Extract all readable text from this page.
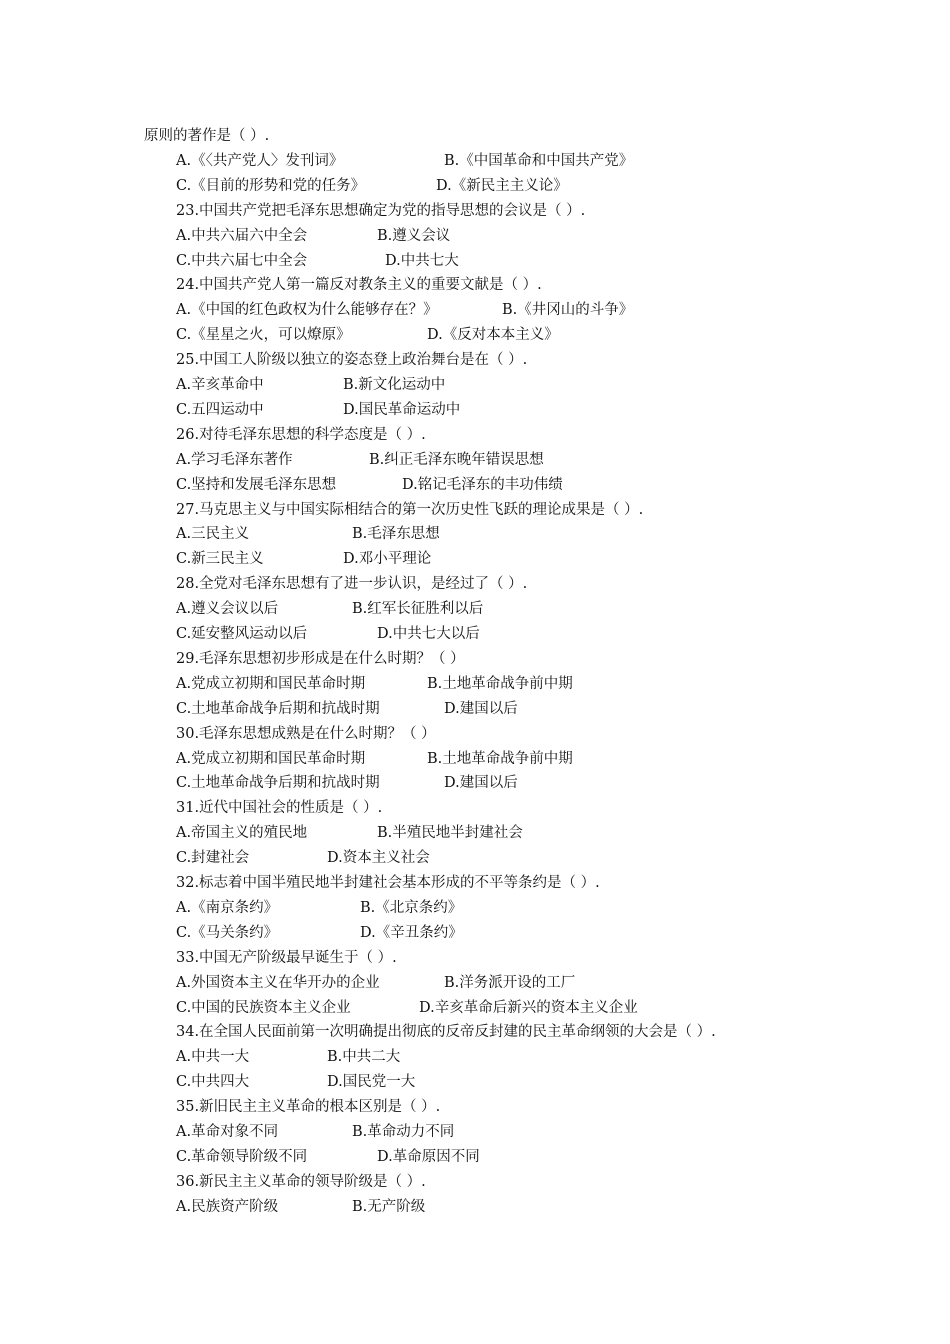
原则的著作是（ ）.
A.《〈共产党人〉发刊词》	B.《中国革命和中国共产党》
C.《目前的形势和党的任务》	D.《新民主主义论》
23.中国共产党把毛泽东思想确定为党的指导思想的会议是（ ）.
A.中共六届六中全会	B.遵义会议
C.中共六届七中全会	D.中共七大
24.中国共产党人第一篇反对教条主义的重要文献是（ ）.
A.《中国的红色政权为什么能够存在？》	B.《井冈山的斗争》
C.《星星之火，可以燎原》	D.《反对本本主义》
25.中国工人阶级以独立的姿态登上政治舞台是在（ ）.
A.辛亥革命中	B.新文化运动中
C.五四运动中	D.国民革命运动中
26.对待毛泽东思想的科学态度是（ ）.
A.学习毛泽东著作	B.纠正毛泽东晚年错误思想
C.坚持和发展毛泽东思想	D.铭记毛泽东的丰功伟绩
27.马克思主义与中国实际相结合的第一次历史性飞跃的理论成果是（ ）.
A.三民主义	B.毛泽东思想
C.新三民主义	D.邓小平理论
28.全党对毛泽东思想有了进一步认识，是经过了（ ）.
A.遵义会议以后	B.红军长征胜利以后
C.延安整风运动以后	D.中共七大以后
29.毛泽东思想初步形成是在什么时期？（ ）
A.党成立初期和国民革命时期	B.土地革命战争前中期
C.土地革命战争后期和抗战时期	D.建国以后
30.毛泽东思想成熟是在什么时期？（ ）
A.党成立初期和国民革命时期	B.土地革命战争前中期
C.土地革命战争后期和抗战时期	D.建国以后
31.近代中国社会的性质是（ ）.
A.帝国主义的殖民地	B.半殖民地半封建社会
C.封建社会	D.资本主义社会
32.标志着中国半殖民地半封建社会基本形成的不平等条约是（ ）.
A.《南京条约》	B.《北京条约》
C.《马关条约》	D.《辛丑条约》
33.中国无产阶级最早诞生于（ ）.
A.外国资本主义在华开办的企业	B.洋务派开设的工厂
C.中国的民族资本主义企业	D.辛亥革命后新兴的资本主义企业
34.在全国人民面前第一次明确提出彻底的反帝反封建的民主革命纲领的大会是（ ）.
A.中共一大	B.中共二大
C.中共四大	D.国民党一大
35.新旧民主主义革命的根本区别是（ ）.
A.革命对象不同	B.革命动力不同
C.革命领导阶级不同	D.革命原因不同
36.新民主主义革命的领导阶级是（ ）.
A.民族资产阶级	B.无产阶级
